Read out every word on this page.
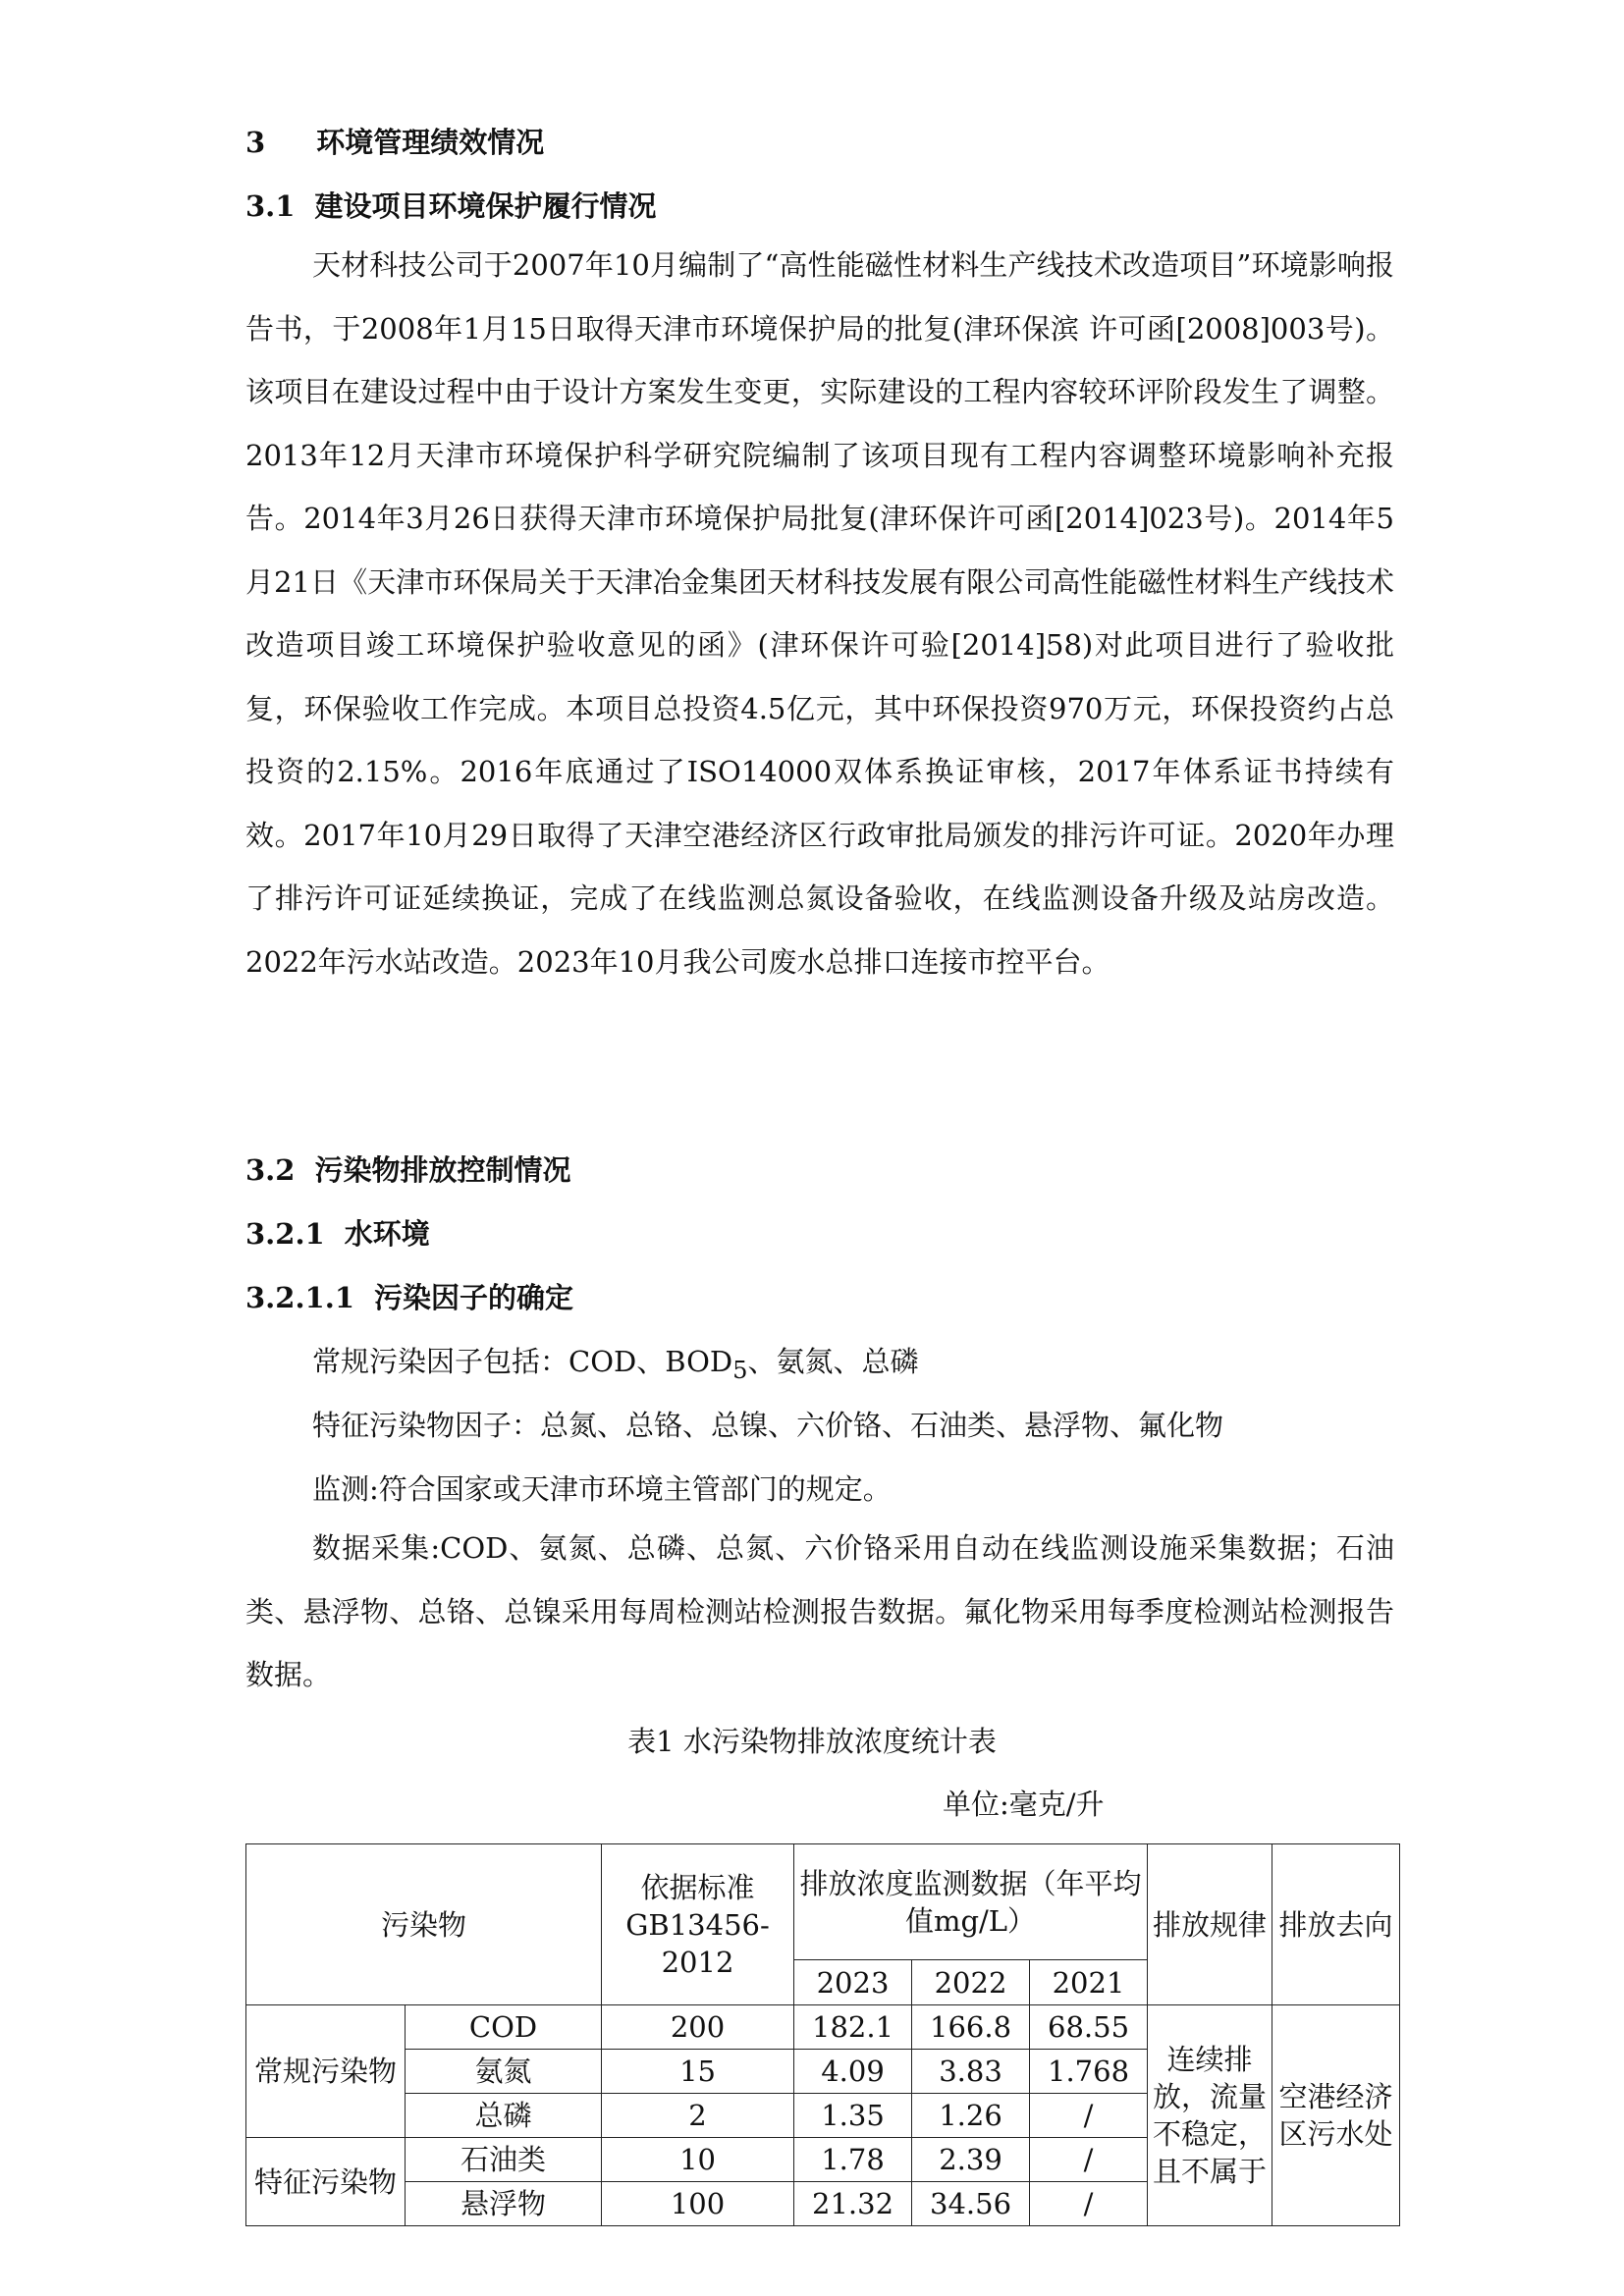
3 环境管理绩效情况
3.1 建设项目环境保护履行情况
天材科技公司于2007年10月编制了“高性能磁性材料生产线技术改造项目”环境影响报告书，于2008年1月15日取得天津市环境保护局的批复(津环保滨 许可函[2008]003号)。该项目在建设过程中由于设计方案发生变更，实际建设的工程内容较环评阶段发生了调整。2013年12月天津市环境保护科学研究院编制了该项目现有工程内容调整环境影响补充报告。2014年3月26日获得天津市环境保护局批复(津环保许可函[2014]023号)。2014年5月21日《天津市环保局关于天津冶金集团天材科技发展有限公司高性能磁性材料生产线技术改造项目竣工环境保护验收意见的函》(津环保许可验[2014]58)对此项目进行了验收批复，环保验收工作完成。本项目总投资4.5亿元，其中环保投资970万元，环保投资约占总投资的2.15%。2016年底通过了ISO14000双体系换证审核，2017年体系证书持续有效。2017年10月29日取得了天津空港经济区行政审批局颁发的排污许可证。2020年办理了排污许可证延续换证，完成了在线监测总氮设备验收，在线监测设备升级及站房改造。2022年污水站改造。2023年10月我公司废水总排口连接市控平台。
3.2 污染物排放控制情况
3.2.1 水环境
3.2.1.1 污染因子的确定
常规污染因子包括：COD、$BOD_5$、氨氮、总磷
特征污染物因子：总氮、总铬、总镍、六价铬、石油类、悬浮物、氟化物
监测:符合国家或天津市环境主管部门的规定。
数据采集:COD、氨氮、总磷、总氮、六价铬采用自动在线监测设施采集数据；石油类、悬浮物、总铬、总镍采用每周检测站检测报告数据。氟化物采用每季度检测站检测报告数据。
表1 水污染物排放浓度统计表
单位:毫克/升
污染物		依据标准GB13456-2012	排放浓度监测数据（年平均值mg/L）			排放规律	排放去向
			2023	2022	2021		
常规污染物	COD	200	182.1	166.8	68.55	连续排放，流量不稳定，且不属于	空港经济区污水处
	氨氮	15	4.09	3.83	1.768		
	总磷	2	1.35	1.26	/		
特征污染物	石油类	10	1.78	2.39	/		
	悬浮物	100	21.32	34.56	/		
